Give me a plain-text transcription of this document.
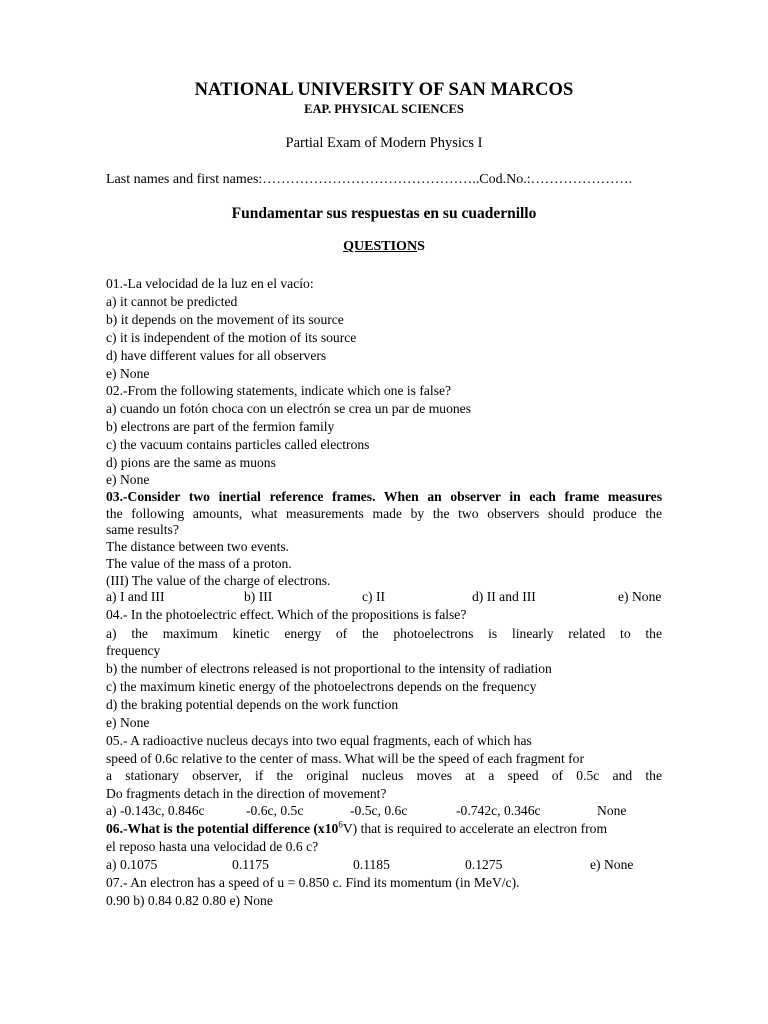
NATIONAL UNIVERSITY OF SAN MARCOS
EAP. PHYSICAL SCIENCES
Partial Exam of Modern Physics I
Last names and first names:………………………………………..Cod.No.:………………….
Fundamentar sus respuestas en su cuadernillo
QUESTIONS
01.-La velocidad de la luz en el vacío:
a) it cannot be predicted
b) it depends on the movement of its source
c) it is independent of the motion of its source
d) have different values for all observers
e) None
02.-From the following statements, indicate which one is false?
a) cuando un fotón choca con un electrón se crea un par de muones
b) electrons are part of the fermion family
c) the vacuum contains particles called electrons
d) pions are the same as muons
e) None
03.-Consider two inertial reference frames. When an observer in each frame measures
the following amounts, what measurements made by the two observers should produce the
same results?
The distance between two events.
The value of the mass of a proton.
(III) The value of the charge of electrons.
a) I and III	b) III	c) II	d) II and III	e) None
04.- In the photoelectric effect. Which of the propositions is false?
a) the maximum kinetic energy of the photoelectrons is linearly related to the
frequency
b) the number of electrons released is not proportional to the intensity of radiation
c) the maximum kinetic energy of the photoelectrons depends on the frequency
d) the braking potential depends on the work function
e) None
05.- A radioactive nucleus decays into two equal fragments, each of which has
speed of 0.6c relative to the center of mass. What will be the speed of each fragment for
a stationary observer, if the original nucleus moves at a speed of 0.5c and the
Do fragments detach in the direction of movement?
a) -0.143c, 0.846c	-0.6c, 0.5c	-0.5c, 0.6c	-0.742c, 0.346c	None
06.-What is the potential difference $(x10^6V)$ that is required to accelerate an electron from
el reposo hasta una velocidad de 0.6 c?
a) 0.1075	0.1175	0.1185	0.1275	e) None
07.- An electron has a speed of u = 0.850 c. Find its momentum (in MeV/c).
0.90 b) 0.84 0.82 0.80 e) None
